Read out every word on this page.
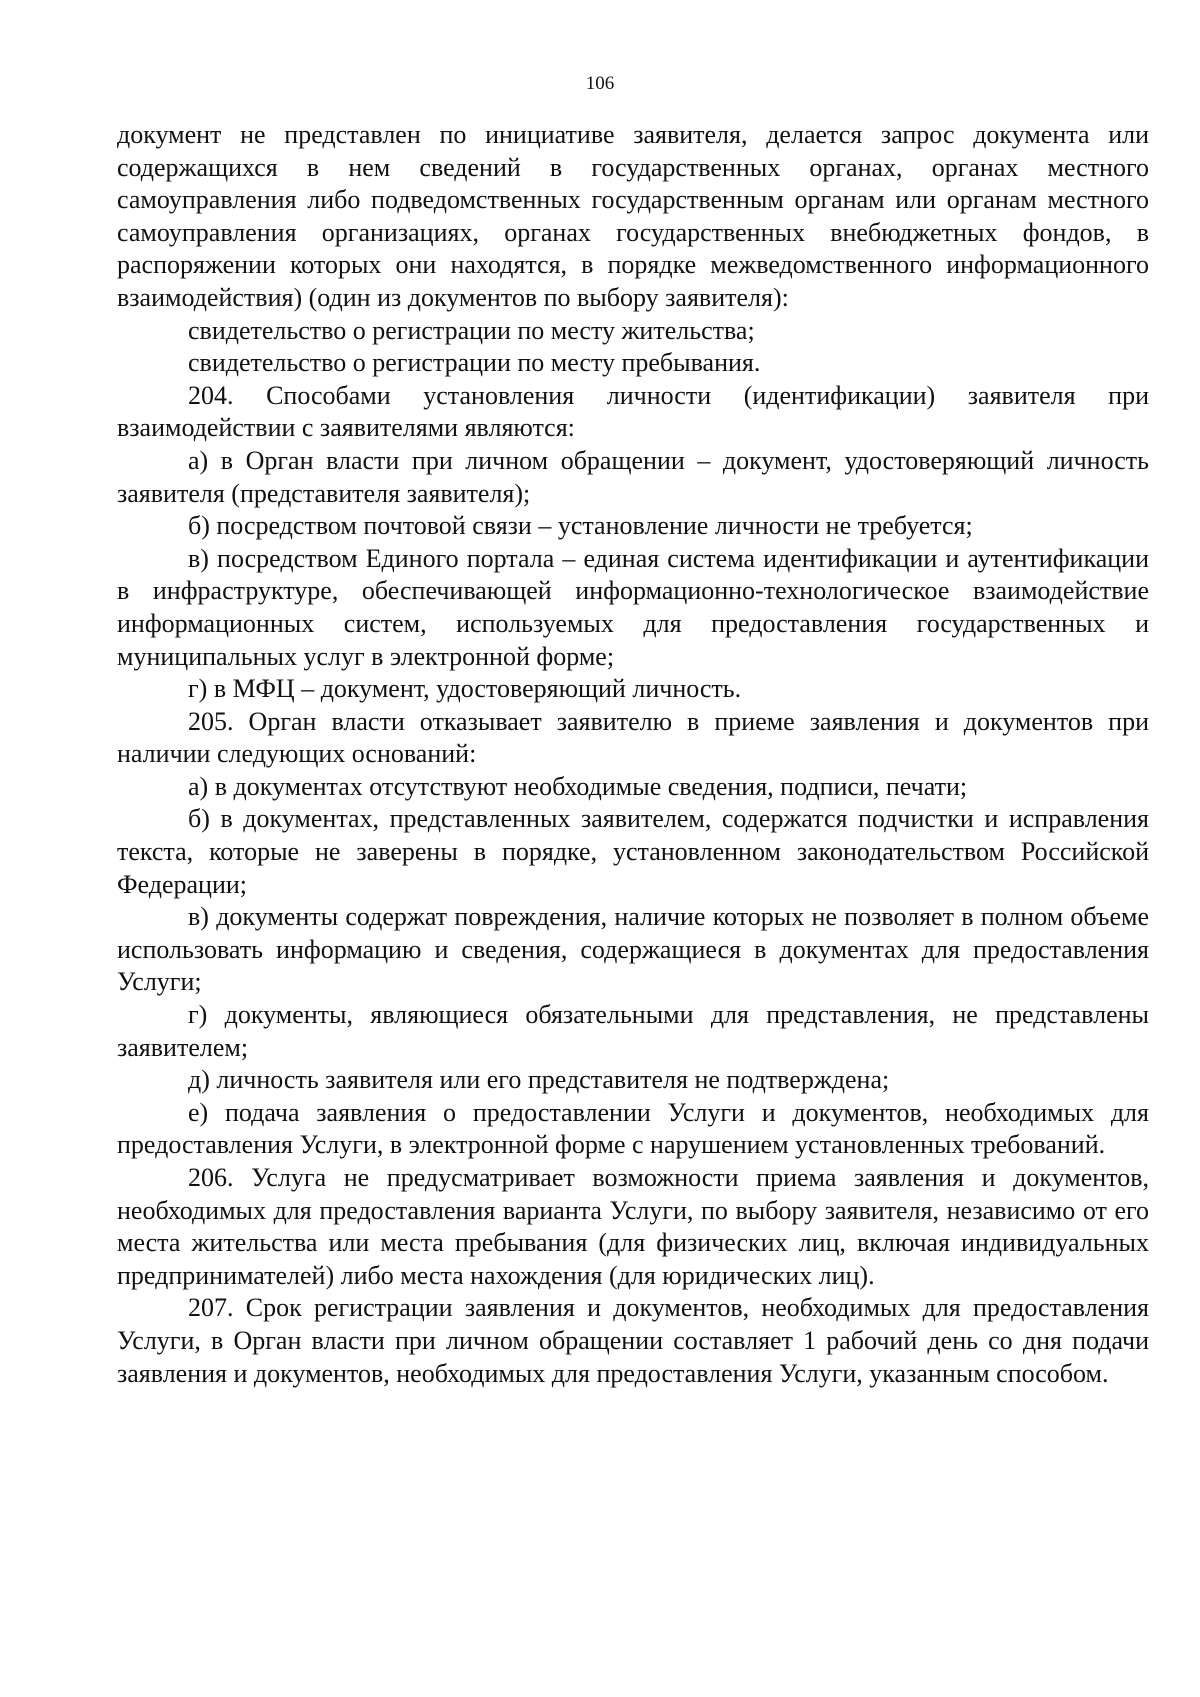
106

документ не представлен по инициативе заявителя, делается запрос документа или содержащихся в нем сведений в государственных органах, органах местного самоуправления либо подведомственных государственным органам или органам местного самоуправления организациях, органах государственных внебюджетных фондов, в распоряжении которых они находятся, в порядке межведомственного информационного взаимодействия) (один из документов по выбору заявителя):

свидетельство о регистрации по месту жительства;

свидетельство о регистрации по месту пребывания.

204. Способами установления личности (идентификации) заявителя при взаимодействии с заявителями являются:

а) в Орган власти при личном обращении – документ, удостоверяющий личность заявителя (представителя заявителя);

б) посредством почтовой связи – установление личности не требуется;

в) посредством Единого портала – единая система идентификации и аутентификации в инфраструктуре, обеспечивающей информационно-технологическое взаимодействие информационных систем, используемых для предоставления государственных и муниципальных услуг в электронной форме;

г) в МФЦ – документ, удостоверяющий личность.

205. Орган власти отказывает заявителю в приеме заявления и документов при наличии следующих оснований:

а) в документах отсутствуют необходимые сведения, подписи, печати;

б) в документах, представленных заявителем, содержатся подчистки и исправления текста, которые не заверены в порядке, установленном законодательством Российской Федерации;

в) документы содержат повреждения, наличие которых не позволяет в полном объеме использовать информацию и сведения, содержащиеся в документах для предоставления Услуги;

г) документы, являющиеся обязательными для представления, не представлены заявителем;

д) личность заявителя или его представителя не подтверждена;

е) подача заявления о предоставлении Услуги и документов, необходимых для предоставления Услуги, в электронной форме с нарушением установленных требований.

206. Услуга не предусматривает возможности приема заявления и документов, необходимых для предоставления варианта Услуги, по выбору заявителя, независимо от его места жительства или места пребывания (для физических лиц, включая индивидуальных предпринимателей) либо места нахождения (для юридических лиц).

207. Срок регистрации заявления и документов, необходимых для предоставления Услуги, в Орган власти при личном обращении составляет 1 рабочий день со дня подачи заявления и документов, необходимых для предоставления Услуги, указанным способом.
